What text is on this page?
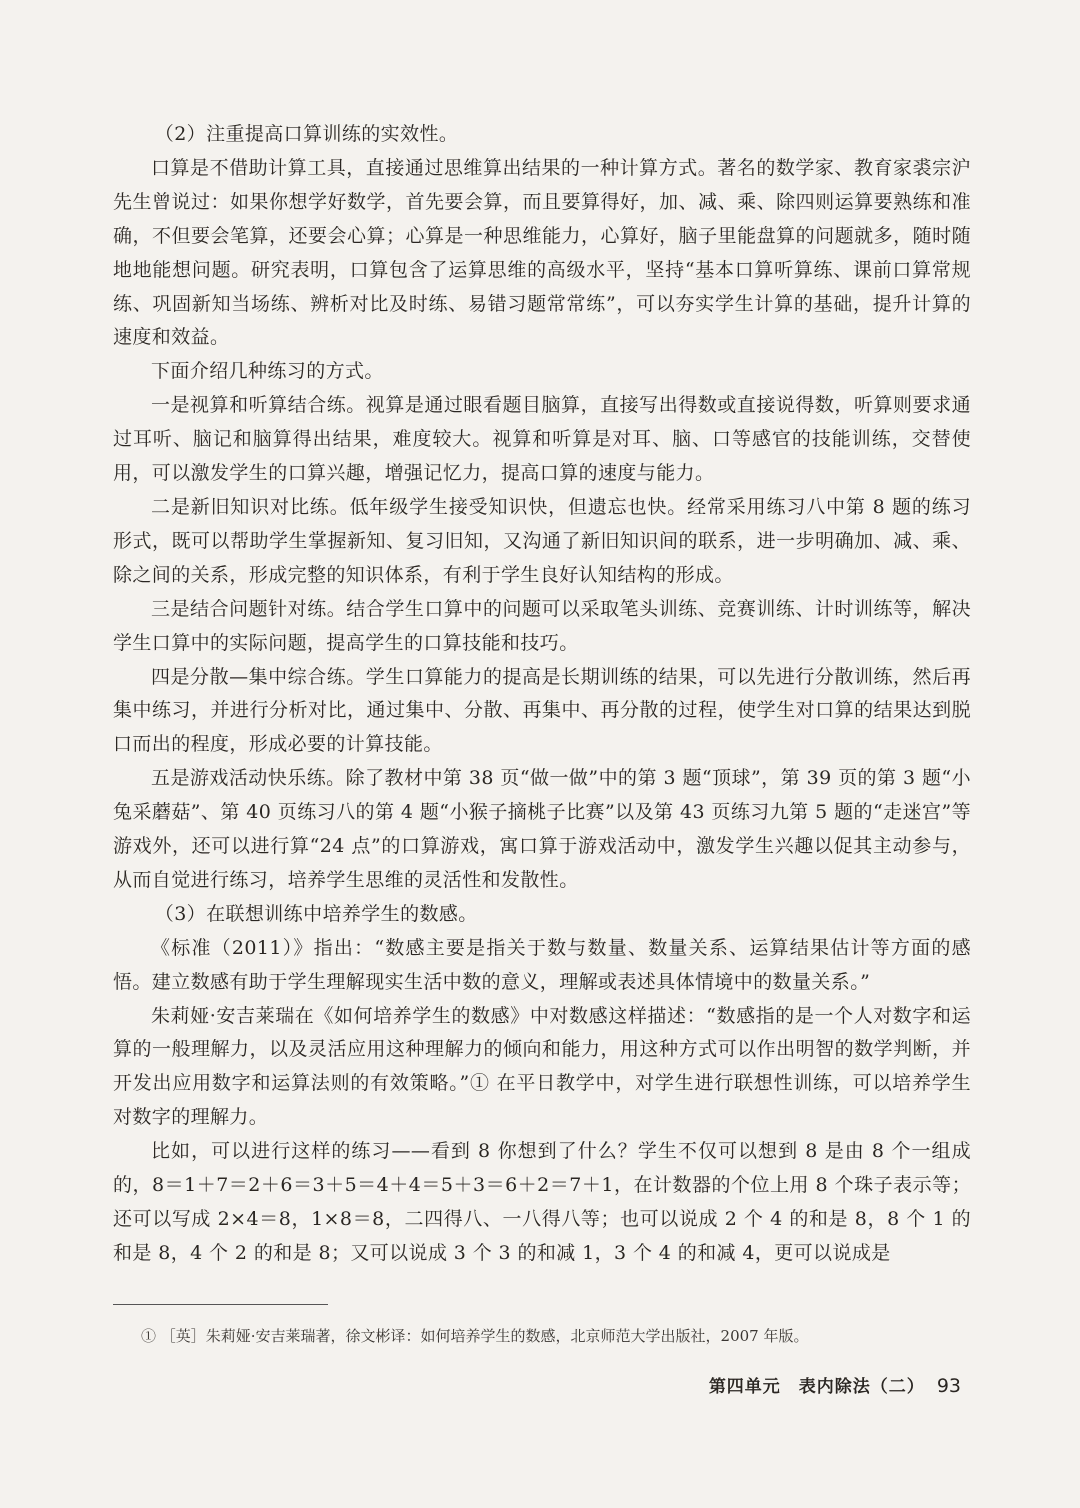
（2）注重提高口算训练的实效性。

口算是不借助计算工具，直接通过思维算出结果的一种计算方式。著名的数学家、教育家裘宗沪先生曾说过：如果你想学好数学，首先要会算，而且要算得好，加、减、乘、除四则运算要熟练和准确，不但要会笔算，还要会心算；心算是一种思维能力，心算好，脑子里能盘算的问题就多，随时随地地能想问题。研究表明，口算包含了运算思维的高级水平，坚持“基本口算听算练、课前口算常规练、巩固新知当场练、辨析对比及时练、易错习题常常练”，可以夯实学生计算的基础，提升计算的速度和效益。

下面介绍几种练习的方式。

一是视算和听算结合练。视算是通过眼看题目脑算，直接写出得数或直接说得数，听算则要求通过耳听、脑记和脑算得出结果，难度较大。视算和听算是对耳、脑、口等感官的技能训练，交替使用，可以激发学生的口算兴趣，增强记忆力，提高口算的速度与能力。

二是新旧知识对比练。低年级学生接受知识快，但遗忘也快。经常采用练习八中第 8 题的练习形式，既可以帮助学生掌握新知、复习旧知，又沟通了新旧知识间的联系，进一步明确加、减、乘、除之间的关系，形成完整的知识体系，有利于学生良好认知结构的形成。

三是结合问题针对练。结合学生口算中的问题可以采取笔头训练、竞赛训练、计时训练等，解决学生口算中的实际问题，提高学生的口算技能和技巧。

四是分散—集中综合练。学生口算能力的提高是长期训练的结果，可以先进行分散训练，然后再集中练习，并进行分析对比，通过集中、分散、再集中、再分散的过程，使学生对口算的结果达到脱口而出的程度，形成必要的计算技能。

五是游戏活动快乐练。除了教材中第 38 页“做一做”中的第 3 题“顶球”，第 39 页的第 3 题“小兔采蘑菇”、第 40 页练习八的第 4 题“小猴子摘桃子比赛”以及第 43 页练习九第 5 题的“走迷宫”等游戏外，还可以进行算“24 点”的口算游戏，寓口算于游戏活动中，激发学生兴趣以促其主动参与，从而自觉进行练习，培养学生思维的灵活性和发散性。

（3）在联想训练中培养学生的数感。

《标准（2011）》指出：“数感主要是指关于数与数量、数量关系、运算结果估计等方面的感悟。建立数感有助于学生理解现实生活中数的意义，理解或表述具体情境中的数量关系。”

朱莉娅·安吉莱瑞在《如何培养学生的数感》中对数感这样描述：“数感指的是一个人对数字和运算的一般理解力，以及灵活应用这种理解力的倾向和能力，用这种方式可以作出明智的数学判断，并开发出应用数字和运算法则的有效策略。”① 在平日教学中，对学生进行联想性训练，可以培养学生对数字的理解力。

比如，可以进行这样的练习——看到 8 你想到了什么？学生不仅可以想到 8 是由 8 个一组成的，8＝1＋7＝2＋6＝3＋5＝4＋4＝5＋3＝6＋2＝7＋1，在计数器的个位上用 8 个珠子表示等；还可以写成 2×4＝8，1×8＝8，二四得八、一八得八等；也可以说成 2 个 4 的和是 8，8 个 1 的和是 8，4 个 2 的和是 8；又可以说成 3 个 3 的和减 1，3 个 4 的和减 4，更可以说成是

① ［英］朱莉娅·安吉莱瑞著，徐文彬译：如何培养学生的数感，北京师范大学出版社，2007 年版。
第四单元　表内除法（二） 93
